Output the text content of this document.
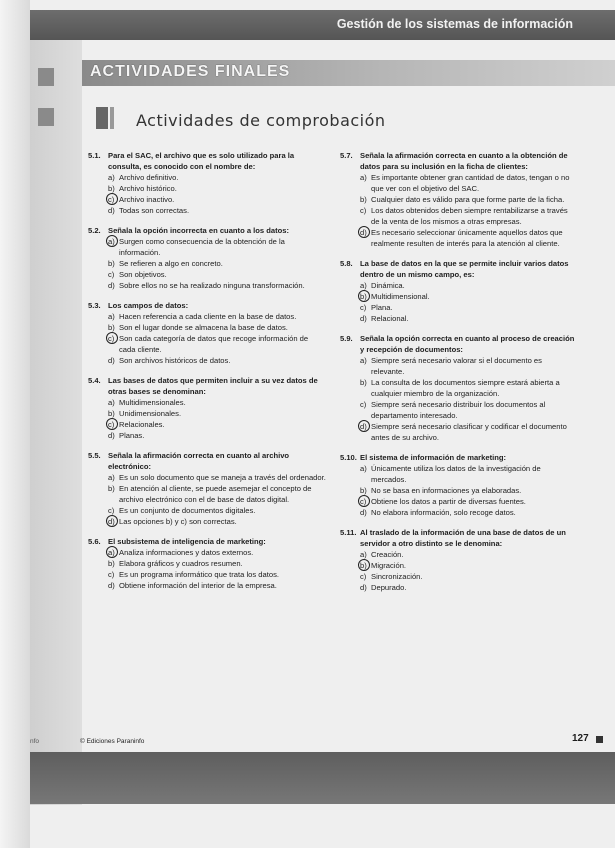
Gestión de los sistemas de información
ACTIVIDADES FINALES
Actividades de comprobación
5.1. Para el SAC, el archivo que es solo utilizado para la consulta, es conocido con el nombre de:
a) Archivo definitivo.
b) Archivo histórico.
c) Archivo inactivo.
d) Todas son correctas.
5.2. Señala la opción incorrecta en cuanto a los datos:
a) Surgen como consecuencia de la obtención de la información.
b) Se refieren a algo en concreto.
c) Son objetivos.
d) Sobre ellos no se ha realizado ninguna transformación.
5.3. Los campos de datos:
a) Hacen referencia a cada cliente en la base de datos.
b) Son el lugar donde se almacena la base de datos.
c) Son cada categoría de datos que recoge información de cada cliente.
d) Son archivos históricos de datos.
5.4. Las bases de datos que permiten incluir a su vez datos de otras bases se denominan:
a) Multidimensionales.
b) Unidimensionales.
c) Relacionales.
d) Planas.
5.5. Señala la afirmación correcta en cuanto al archivo electrónico:
a) Es un solo documento que se maneja a través del ordenador.
b) En atención al cliente, se puede asemejar el concepto de archivo electrónico con el de base de datos digital.
c) Es un conjunto de documentos digitales.
d) Las opciones b) y c) son correctas.
5.6. El subsistema de inteligencia de marketing:
a) Analiza informaciones y datos externos.
b) Elabora gráficos y cuadros resumen.
c) Es un programa informático que trata los datos.
d) Obtiene información del interior de la empresa.
5.7. Señala la afirmación correcta en cuanto a la obtención de datos para su inclusión en la ficha de clientes:
a) Es importante obtener gran cantidad de datos, tengan o no que ver con el objetivo del SAC.
b) Cualquier dato es válido para que forme parte de la ficha.
c) Los datos obtenidos deben siempre rentabilizarse a través de la venta de los mismos a otras empresas.
d) Es necesario seleccionar únicamente aquellos datos que realmente resulten de interés para la atención al cliente.
5.8. La base de datos en la que se permite incluir varios datos dentro de un mismo campo, es:
a) Dinámica.
b) Multidimensional.
c) Plana.
d) Relacional.
5.9. Señala la opción correcta en cuanto al proceso de creación y recepción de documentos:
a) Siempre será necesario valorar si el documento es relevante.
b) La consulta de los documentos siempre estará abierta a cualquier miembro de la organización.
c) Siempre será necesario distribuir los documentos al departamento interesado.
d) Siempre será necesario clasificar y codificar el documento antes de su archivo.
5.10. El sistema de información de marketing:
a) Únicamente utiliza los datos de la investigación de mercados.
b) No se basa en informaciones ya elaboradas.
c) Obtiene los datos a partir de diversas fuentes.
d) No elabora información, solo recoge datos.
5.11. Al traslado de la información de una base de datos de un servidor a otro distinto se le denomina:
a) Creación.
b) Migración.
c) Sincronización.
d) Depurado.
nfo	© Ediciones Paraninfo	127
